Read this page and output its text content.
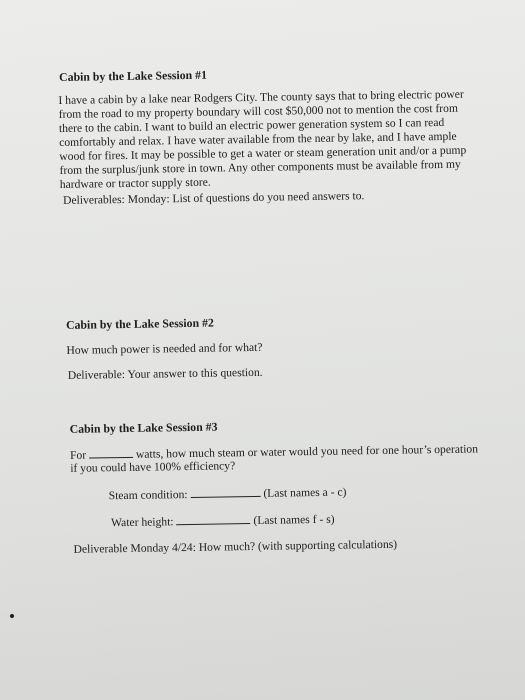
Cabin by the Lake Session #1
I have a cabin by a lake near Rodgers City. The county says that to bring electric power
from the road to my property boundary will cost $50,000 not to mention the cost from
there to the cabin. I want to build an electric power generation system so I can read
comfortably and relax. I have water available from the near by lake, and I have ample
wood for fires. It may be possible to get a water or steam generation unit and/or a pump
from the surplus/junk store in town. Any other components must be available from my
hardware or tractor supply store.
Deliverables: Monday: List of questions do you need answers to.
Cabin by the Lake Session #2
How much power is needed and for what?
Deliverable: Your answer to this question.
Cabin by the Lake Session #3
For	watts, how much steam or water would you need for one hour’s operation
if you could have 100% efficiency?
Steam condition:	(Last names a - c)
Water height:	(Last names f - s)
Deliverable Monday 4/24: How much? (with supporting calculations)
